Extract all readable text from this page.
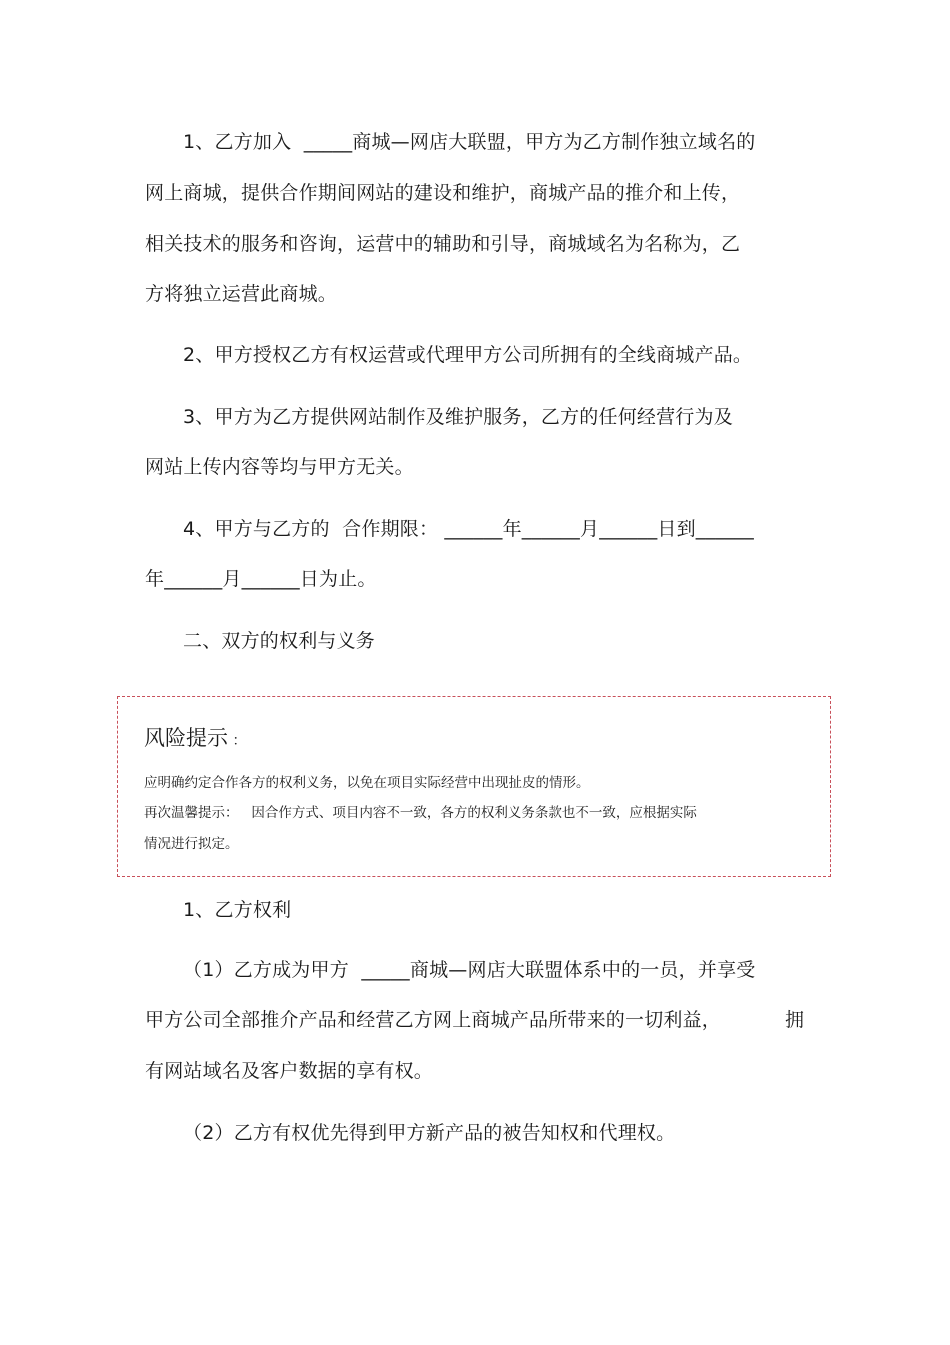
1、乙方加入  _____商城—网店大联盟，甲方为乙方制作独立域名的
网上商城，提供合作期间网站的建设和维护，商城产品的推介和上传，
相关技术的服务和咨询，运营中的辅助和引导，商城域名为名称为，乙
方将独立运营此商城。
2、甲方授权乙方有权运营或代理甲方公司所拥有的全线商城产品。
3、甲方为乙方提供网站制作及维护服务，乙方的任何经营行为及
网站上传内容等均与甲方无关。
4、甲方与乙方的  合作期限： ______年______月______日到______
年______月______日为止。
二、双方的权利与义务
风险提示 ：
应明确约定合作各方的权利义务，以免在项目实际经营中出现扯皮的情形。
再次温馨提示：   因合作方式、项目内容不一致，各方的权利义务条款也不一致，应根据实际
情况进行拟定。
1、乙方权利
（1）乙方成为甲方  _____商城—网店大联盟体系中的一员，并享受
甲方公司全部推介产品和经营乙方网上商城产品所带来的一切利益，	拥
有网站域名及客户数据的享有权。
（2）乙方有权优先得到甲方新产品的被告知权和代理权。
